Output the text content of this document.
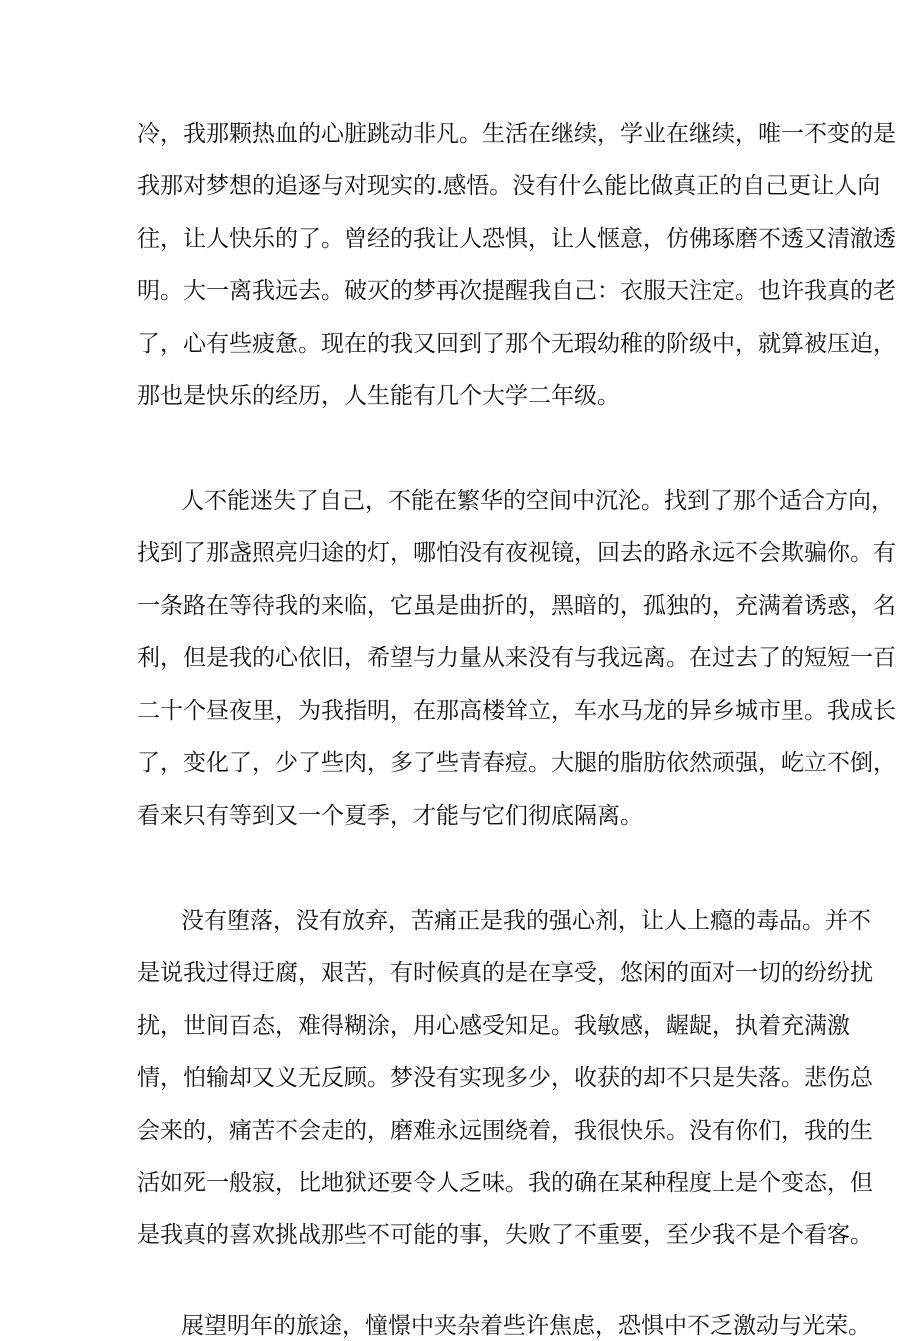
冷，我那颗热血的心脏跳动非凡。生活在继续，学业在继续，唯一不变的是
我那对梦想的追逐与对现实的.感悟。没有什么能比做真正的自己更让人向
往，让人快乐的了。曾经的我让人恐惧，让人惬意，仿佛琢磨不透又清澈透
明。大一离我远去。破灭的梦再次提醒我自己：衣服天注定。也许我真的老
了，心有些疲惫。现在的我又回到了那个无瑕幼稚的阶级中，就算被压迫，
那也是快乐的经历，人生能有几个大学二年级。
人不能迷失了自己，不能在繁华的空间中沉沦。找到了那个适合方向，
找到了那盏照亮归途的灯，哪怕没有夜视镜，回去的路永远不会欺骗你。有
一条路在等待我的来临，它虽是曲折的，黑暗的，孤独的，充满着诱惑，名
利，但是我的心依旧，希望与力量从来没有与我远离。在过去了的短短一百
二十个昼夜里，为我指明，在那高楼耸立，车水马龙的异乡城市里。我成长
了，变化了，少了些肉，多了些青春痘。大腿的脂肪依然顽强，屹立不倒，
看来只有等到又一个夏季，才能与它们彻底隔离。
没有堕落，没有放弃，苦痛正是我的强心剂，让人上瘾的毒品。并不
是说我过得迂腐，艰苦，有时候真的是在享受，悠闲的面对一切的纷纷扰
扰，世间百态，难得糊涂，用心感受知足。我敏感，龌龊，执着充满激
情，怕输却又义无反顾。梦没有实现多少，收获的却不只是失落。悲伤总
会来的，痛苦不会走的，磨难永远围绕着，我很快乐。没有你们，我的生
活如死一般寂，比地狱还要令人乏味。我的确在某种程度上是个变态，但
是我真的喜欢挑战那些不可能的事，失败了不重要，至少我不是个看客。
展望明年的旅途，憧憬中夹杂着些许焦虑，恐惧中不乏激动与光荣。
